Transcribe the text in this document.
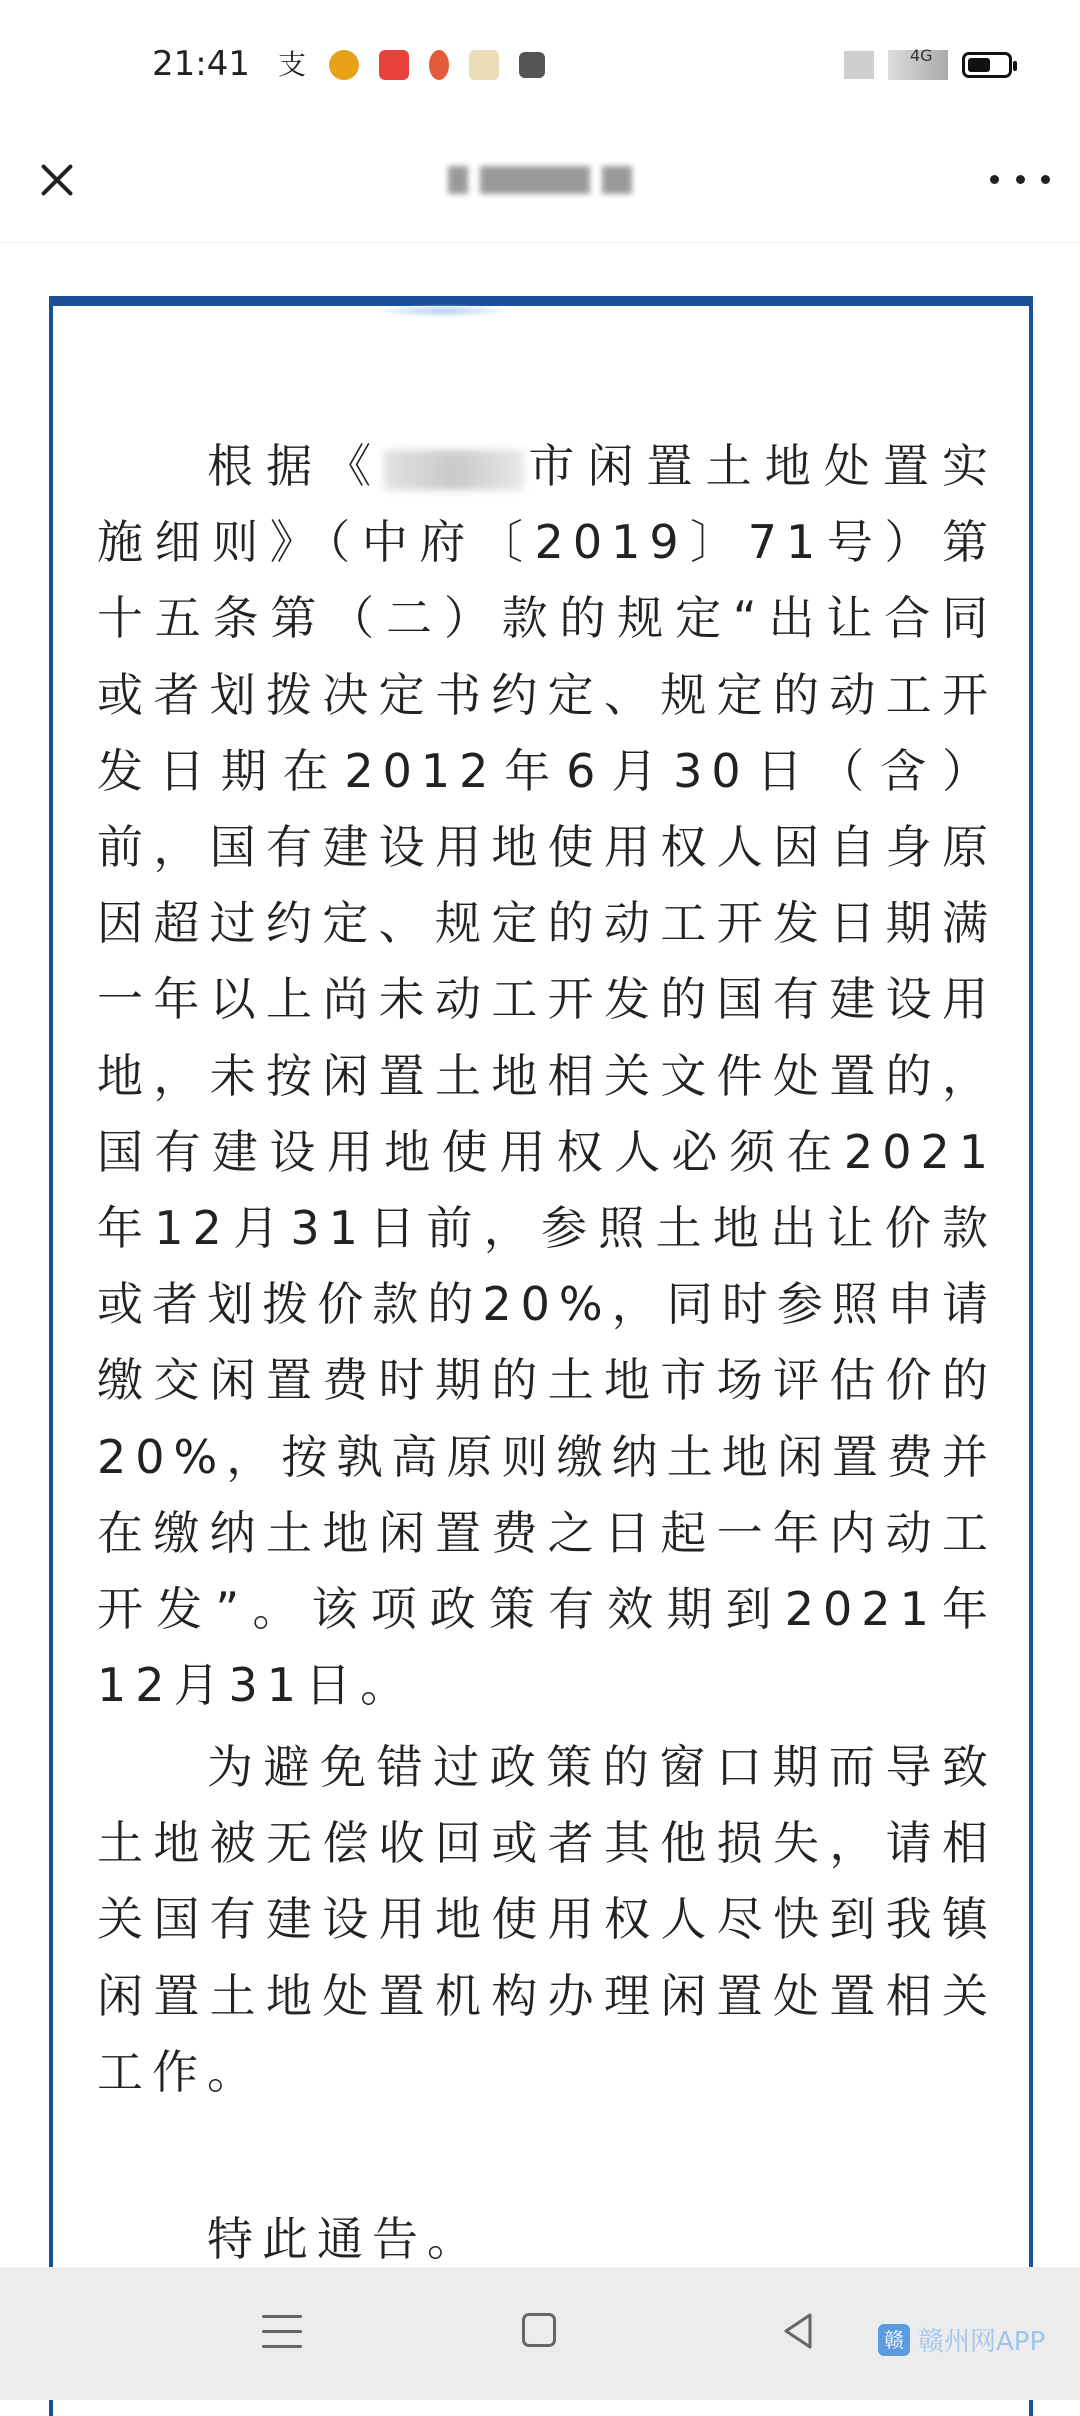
21:41 支	4G

根据《	市闲置土地处置实施细则》（中府〔2019〕71号）第十五条第（二）款的规定“出让合同或者划拨决定书约定、规定的动工开发日期在2012年6月30日（含）前，国有建设用地使用权人因自身原因超过约定、规定的动工开发日期满一年以上尚未动工开发的国有建设用地，未按闲置土地相关文件处置的，国有建设用地使用权人必须在2021年12月31日前，参照土地出让价款或者划拨价款的20%，同时参照申请缴交闲置费时期的土地市场评估价的20%，按孰高原则缴纳土地闲置费并在缴纳土地闲置费之日起一年内动工开发”。该项政策有效期到2021年12月31日。

为避免错过政策的窗口期而导致土地被无偿收回或者其他损失，请相关国有建设用地使用权人尽快到我镇闲置土地处置机构办理闲置处置相关工作。

特此通告。

赣 赣州网APP
